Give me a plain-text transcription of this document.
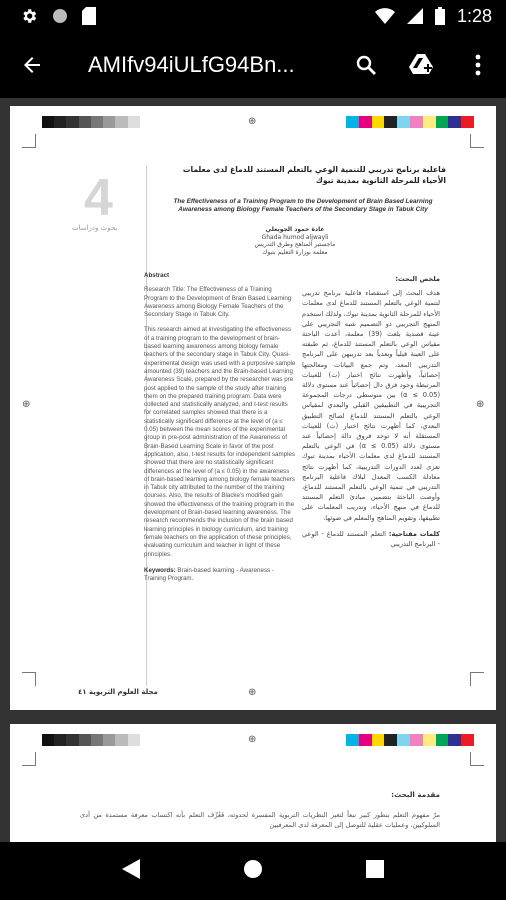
1:28
AMIfv94iULfG94Bn...
⊕
⊕
⊕	⊕
4
بحوث ودراسات
فاعلية برنامج تدريبي للتنمية الوعي بالتعلم المستند للدماغ لدى معلمات الأحياء للمرحلة الثانوية بمدينة تبوك
The Effectiveness of a Training Program to the Development of Brain Based Learning Awareness among Biology Female Teachers of the Secondary Stage in Tabuk City
غادة حمود الجويعلي
Ghada humod aljwayli
ماجستير المناهج وطرق التدريس
معلمة بوزارة التعليم بتبوك
Abstract

Research Title: The Effectiveness of a Training Program to the Development of Brain Based Learning Awareness among Biology Female Teachers of the Secondary Stage in Tabuk City.

This research aimed at investigating the effectiveness of a training program to the development of brain-based learning awareness among biology female teachers of the secondary stage in Tabuk City. Quasi-experimental design was used with a purposive sample amounted (39) teachers and the Brain-based Learning Awareness Scale, prepared by the researcher was pre post applied to the sample of the study after training them on the prepared training program. Data were collected and statistically analyzed, and t-test results for correlated samples showed that there is a statistically significant difference at the level of (a ≤ 0.05) between the mean scores of the experimental group in pre-post administration of the Awareness of Brain-Based Learning Scale in favor of the post application, also, t-test results for independent samples showed that there are no statistically significant differences at the level of (a ≤ 0.05) in the awareness of brain-based learning among biology female teachers in Tabuk city attributed to the number of the training courses. Also, the results of Blacke's modified gain showed the effectiveness of the training program in the development of Brain-based learning awareness. The research recommends the inclusion of the brain based learning principles in biology curriculum, and training female teachers on the application of these principles, evaluating curriculum and teacher in light of these principles.

Keywords: Brain-based learning - Awareness - Training Program.

ملخص البحث:

هدف البحث إلى استقصاء فاعلية برنامج تدريبي لتنمية الوعي بالتعلم المستند للدماغ لدى معلمات الأحياء للمرحلة الثانوية بمدينة تبوك، ولذلك استخدم المنهج التجريبي ذو التصميم شبه التجريبي على عينة قصدية بلغت (39) معلمة، أعدت الباحثة مقياس الوعي بالتعلم المستند للدماغ، ثم طبقته على العينة قبلياً وبعدياً بعد تدريبهن على البرنامج التدريبي المعد، وتم جمع البيانات ومعالجتها إحصائياً، وأظهرت نتائج اختبار (ت) للعينات المرتبطة وجود فرق دال إحصائياً عند مستوى دلالة (0.05 ≥ α) بين متوسطي درجات المجموعة التجريبية في التطبيقين القبلي والبعدي لمقياس الوعي بالتعلم المستند للدماغ لصالح التطبيق البعدي، كما أظهرت نتائج اختبار (ت) للعينات المستقلة أنه لا توجد فروق دالة إحصائياً عند مستوى دلالة (0.05 ≥ α) في الوعي بالتعلم المستند للدماغ لدى معلمات الأحياء بمدينة تبوك تعزى لعدد الدورات التدريبية، كما أظهرت نتائج معادلة الكسب المعدل لبلاك فاعلية البرنامج التدريبي في تنمية الوعي بالتعلم المستند للدماغ، وأوصت الباحثة بتضمين مبادئ التعلم المستند للدماغ في منهج الأحياء، وتدريب المعلمات على تطبيقها، وتقويم المناهج والمعلم في ضوئها.

كلمات مفتاحية: التعلم المستند للدماغ - الوعي - البرنامج التدريبي

مجلة العلوم التربوية ٤١
⊕
مقدمة البحث:
مرّ مفهوم التعلم بتطور كبير تبعاً لتغير النظريات التربوية المفسرة لحدوثه، فَعُرِّف التعلم بأنه اكتساب معرفة مستمدة من أدى السلوكيين، وعمليات عقلية للتوصل إلى المعرفة لدى المعرفيين
